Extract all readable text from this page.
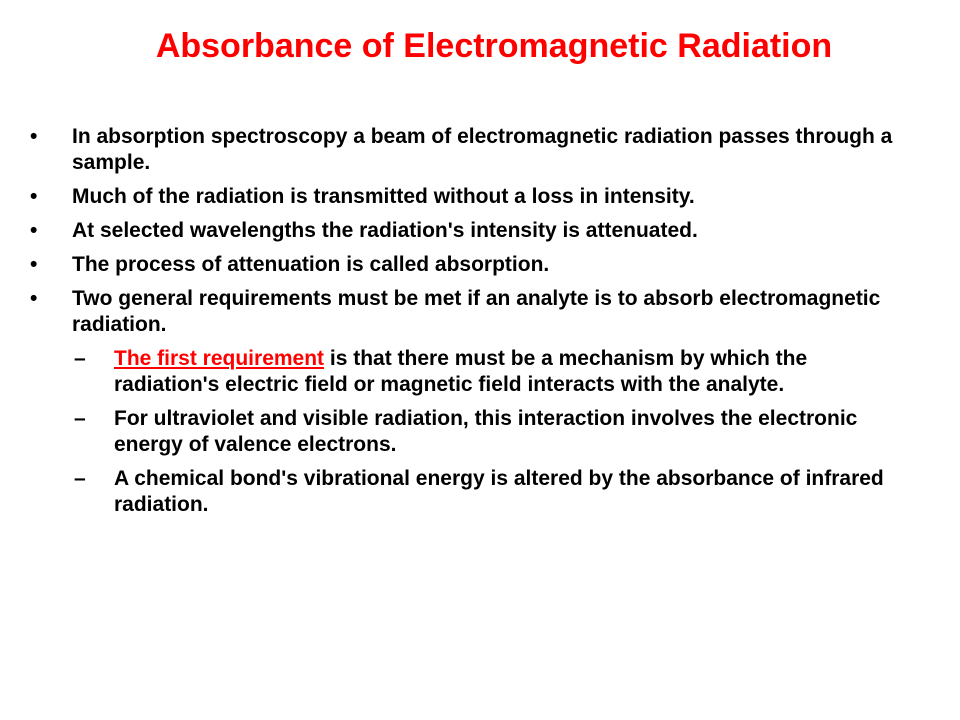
Absorbance of Electromagnetic Radiation
•	In absorption spectroscopy a beam of electromagnetic radiation passes through a sample.
•	Much of the radiation is transmitted without a loss in intensity.
•	At selected wavelengths the radiation's intensity is attenuated.
•	The process of attenuation is called absorption.
•	Two general requirements must be met if an analyte is to absorb electromagnetic radiation.
–	The first requirement is that there must be a mechanism by which the radiation's electric field or magnetic field interacts with the analyte.
–	For ultraviolet and visible radiation, this interaction involves the electronic energy of valence electrons.
–	A chemical bond's vibrational energy is altered by the absorbance of infrared radiation.
